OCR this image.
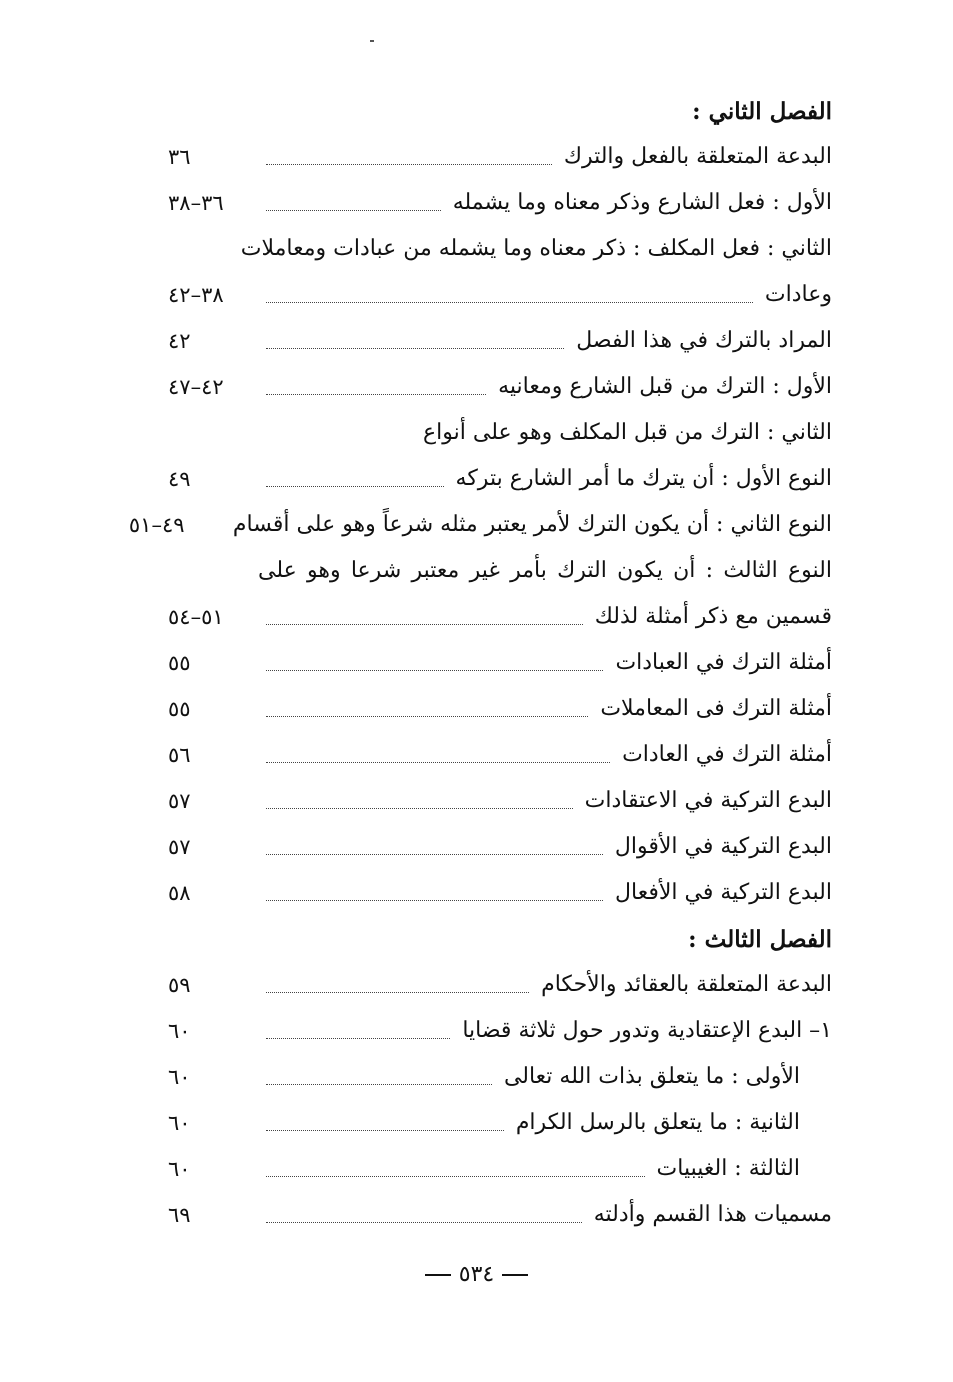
الفصل الثاني :
البدعة المتعلقة بالفعل والترك
٣٦
الأول : فعل الشارع وذكر معناه وما يشمله
٣٦–٣٨
الثاني : فعل المكلف : ذكر معناه وما يشمله من عبادات ومعاملات
وعادات
٣٨–٤٢
المراد بالترك في هذا الفصل
٤٢
الأول : الترك من قبل الشارع ومعانيه
٤٢–٤٧
الثاني : الترك من قبل المكلف وهو على أنواع
النوع الأول : أن يترك ما أمر الشارع بتركه
٤٩
النوع الثاني : أن يكون الترك لأمر يعتبر مثله شرعاً وهو على أقسام
٤٩–٥١
النوع الثالث : أن يكون الترك بأمر غير معتبر شرعا وهو على
قسمين مع ذكر أمثلة لذلك
٥١–٥٤
أمثلة الترك في العبادات
٥٥
أمثلة الترك فى المعاملات
٥٥
أمثلة الترك في العادات
٥٦
البدع التركية في الاعتقادات
٥٧
البدع التركية في الأقوال
٥٧
البدع التركية في الأفعال
٥٨
الفصل الثالث :
البدعة المتعلقة بالعقائد والأحكام
٥٩
١– البدع الإعتقادية وتدور حول ثلاثة قضايا
٦٠
الأولى : ما يتعلق بذات الله تعالى
٦٠
الثانية : ما يتعلق بالرسل الكرام
٦٠
الثالثة : الغيبيات
٦٠
مسميات هذا القسم وأدلته
٦٩
٥٣٤
